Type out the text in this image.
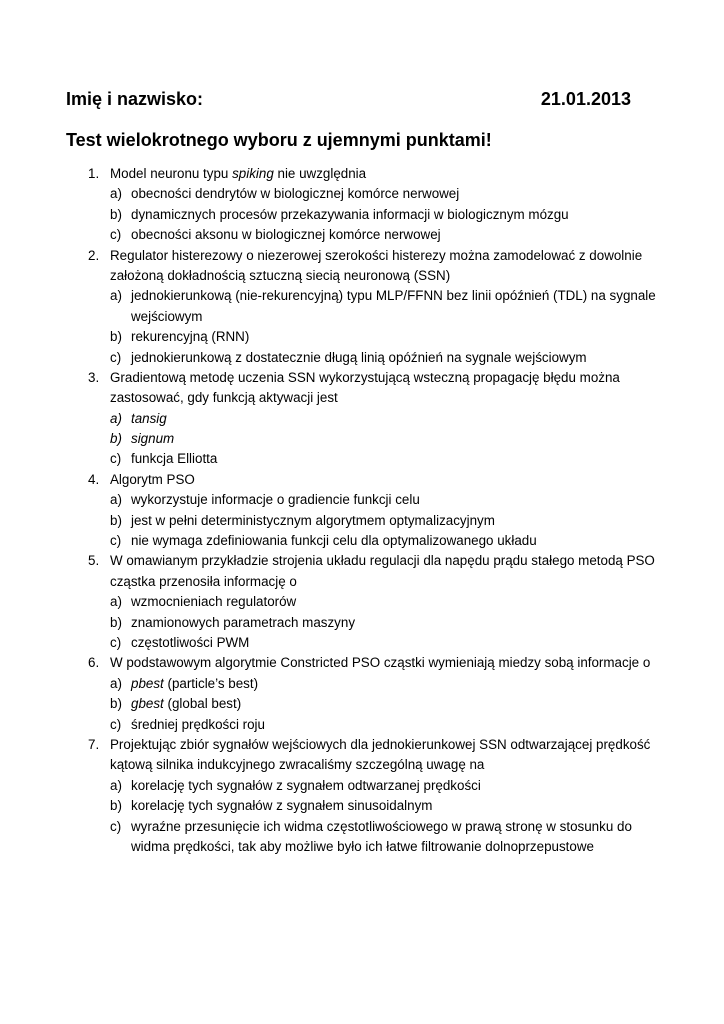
Imię i nazwisko:	21.01.2013
Test wielokrotnego wyboru z ujemnymi punktami!
1. Model neuronu typu spiking nie uwzględnia
a) obecności dendrytów w biologicznej komórce nerwowej
b) dynamicznych procesów przekazywania informacji w biologicznym mózgu
c) obecności aksonu w biologicznej komórce nerwowej
2. Regulator histerezowy o niezerowej szerokości histerezy można zamodelować z dowolnie
założoną dokładnością sztuczną siecią neuronową (SSN)
a) jednokierunkową (nie-rekurencyjną) typu MLP/FFNN bez linii opóźnień (TDL) na sygnale
wejściowym
b) rekurencyjną (RNN)
c) jednokierunkową z dostatecznie długą linią opóźnień na sygnale wejściowym
3. Gradientową metodę uczenia SSN wykorzystującą wsteczną propagację błędu można
zastosować, gdy funkcją aktywacji jest
a) tansig
b) signum
c) funkcja Elliotta
4. Algorytm PSO
a) wykorzystuje informacje o gradiencie funkcji celu
b) jest w pełni deterministycznym algorytmem optymalizacyjnym
c) nie wymaga zdefiniowania funkcji celu dla optymalizowanego układu
5. W omawianym przykładzie strojenia układu regulacji dla napędu prądu stałego metodą PSO
cząstka przenosiła informację o
a) wzmocnieniach regulatorów
b) znamionowych parametrach maszyny
c) częstotliwości PWM
6. W podstawowym algorytmie Constricted PSO cząstki wymieniają miedzy sobą informacje o
a) pbest (particle’s best)
b) gbest (global best)
c) średniej prędkości roju
7. Projektując zbiór sygnałów wejściowych dla jednokierunkowej SSN odtwarzającej prędkość
kątową silnika indukcyjnego zwracaliśmy szczególną uwagę na
a) korelację tych sygnałów z sygnałem odtwarzanej prędkości
b) korelację tych sygnałów z sygnałem sinusoidalnym
c) wyraźne przesunięcie ich widma częstotliwościowego w prawą stronę w stosunku do
widma prędkości, tak aby możliwe było ich łatwe filtrowanie dolnoprzepustowe
